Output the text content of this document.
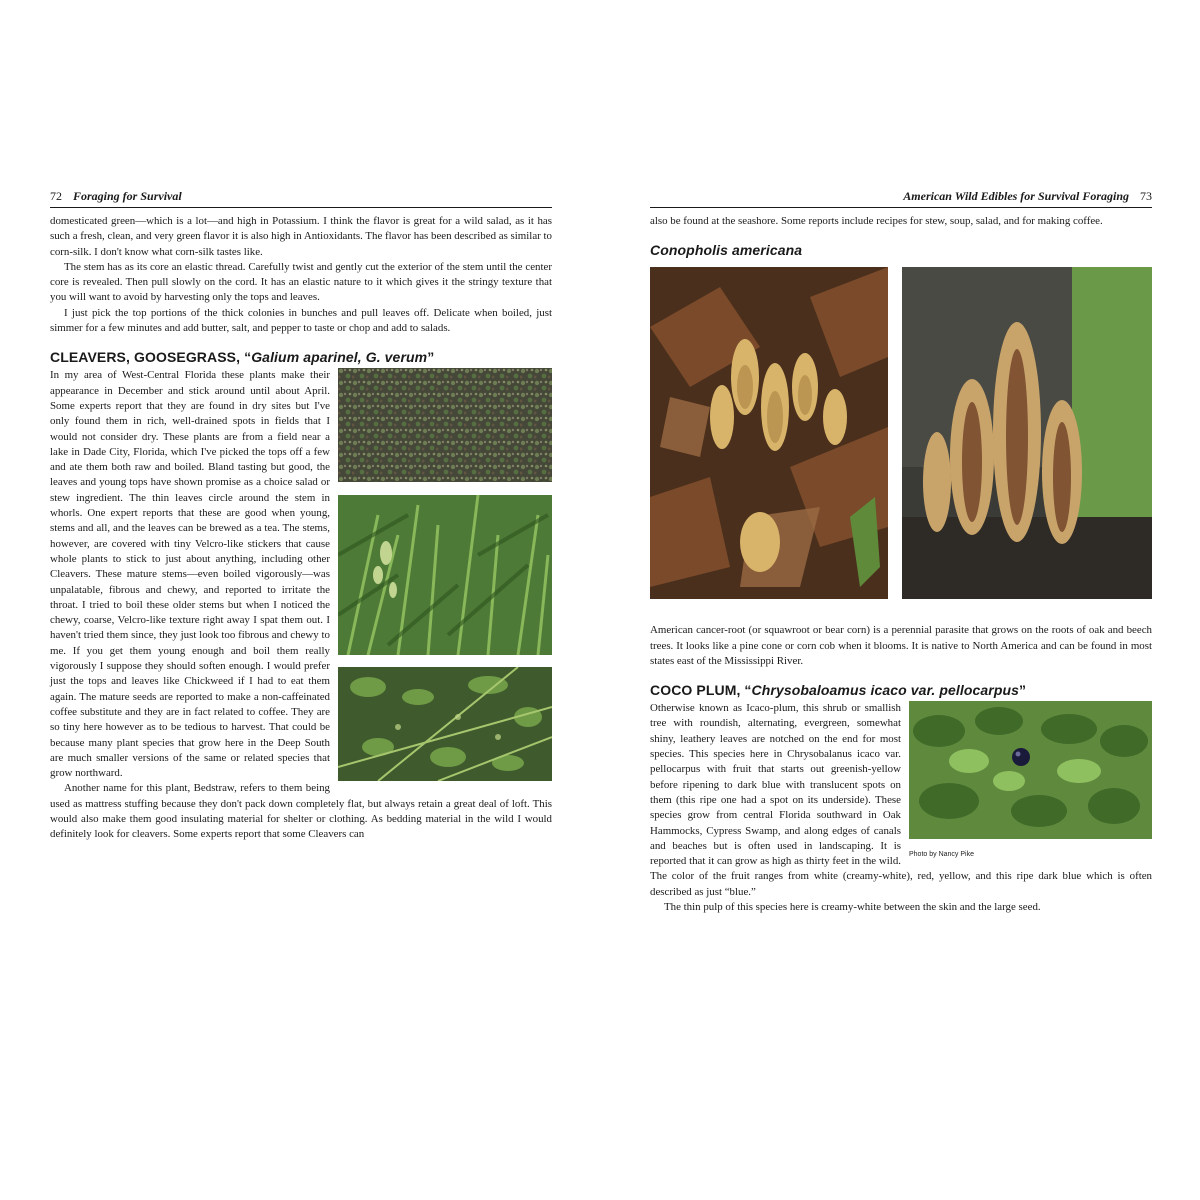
72 Foraging for Survival

domesticated green—which is a lot—and high in Potassium. I think the flavor is great for a wild salad, as it has such a fresh, clean, and very green flavor it is also high in Antioxidants. The flavor has been described as similar to corn-silk. I don't know what corn-silk tastes like.

The stem has as its core an elastic thread. Carefully twist and gently cut the exterior of the stem until the center core is revealed. Then pull slowly on the cord. It has an elastic nature to it which gives it the stringy texture that you will want to avoid by harvesting only the tops and leaves.

I just pick the top portions of the thick colonies in bunches and pull leaves off. Delicate when boiled, just simmer for a few minutes and add butter, salt, and pepper to taste or chop and add to salads.

CLEAVERS, GOOSEGRASS, “Galium aparinel, G. verum”

In my area of West-Central Florida these plants make their appearance in December and stick around until about April. Some experts report that they are found in dry sites but I've only found them in rich, well-drained spots in fields that I would not consider dry. These plants are from a field near a lake in Dade City, Florida, which I've picked the tops off a few and ate them both raw and boiled. Bland tasting but good, the leaves and young tops have shown promise as a choice salad or stew ingredient. The thin leaves circle around the stem in whorls. One expert reports that these are good when young, stems and all, and the leaves can be brewed as a tea. The stems, however, are covered with tiny Velcro-like stickers that cause whole plants to stick to just about anything, including other Cleavers. These mature stems—even boiled vigorously—was unpalatable, fibrous and chewy, and reported to irritate the throat. I tried to boil these older stems but when I noticed the chewy, coarse, Velcro-like texture right away I spat them out. I haven't tried them since, they just look too fibrous and chewy to me. If you get them young enough and boil them really vigorously I suppose they should soften enough. I would prefer just the tops and leaves like Chickweed if I had to eat them again. The mature seeds are reported to make a non-caffeinated coffee substitute and they are in fact related to coffee. They are so tiny here however as to be tedious to harvest. That could be because many plant species that grow here in the Deep South are much smaller versions of the same or related species that grow northward.

Another name for this plant, Bedstraw, refers to them being used as mattress stuffing because they don't pack down completely flat, but always retain a great deal of loft. This would also make them good insulating material for shelter or clothing. As bedding material in the wild I would definitely look for cleavers. Some experts report that some Cleavers can

American Wild Edibles for Survival Foraging 73

also be found at the seashore. Some reports include recipes for stew, soup, salad, and for making coffee.

Conopholis americana

American cancer-root (or squawroot or bear corn) is a perennial parasite that grows on the roots of oak and beech trees. It looks like a pine cone or corn cob when it blooms. It is native to North America and can be found in most states east of the Mississippi River.

COCO PLUM, “Chrysobaloamus icaco var. pellocarpus”
Photo by Nancy Pike

Otherwise known as Icaco-plum, this shrub or smallish tree with roundish, alternating, evergreen, somewhat shiny, leathery leaves are notched on the end for most species. This species here in Chrysobalanus icaco var. pellocarpus with fruit that starts out greenish-yellow before ripening to dark blue with translucent spots on them (this ripe one had a spot on its underside). These species grow from central Florida southward in Oak Hammocks, Cypress Swamp, and along edges of canals and beaches but is often used in landscaping. It is reported that it can grow as high as thirty feet in the wild. The color of the fruit ranges from white (creamy-white), red, yellow, and this ripe dark blue which is often described as just “blue.”

The thin pulp of this species here is creamy-white between the skin and the large seed.
